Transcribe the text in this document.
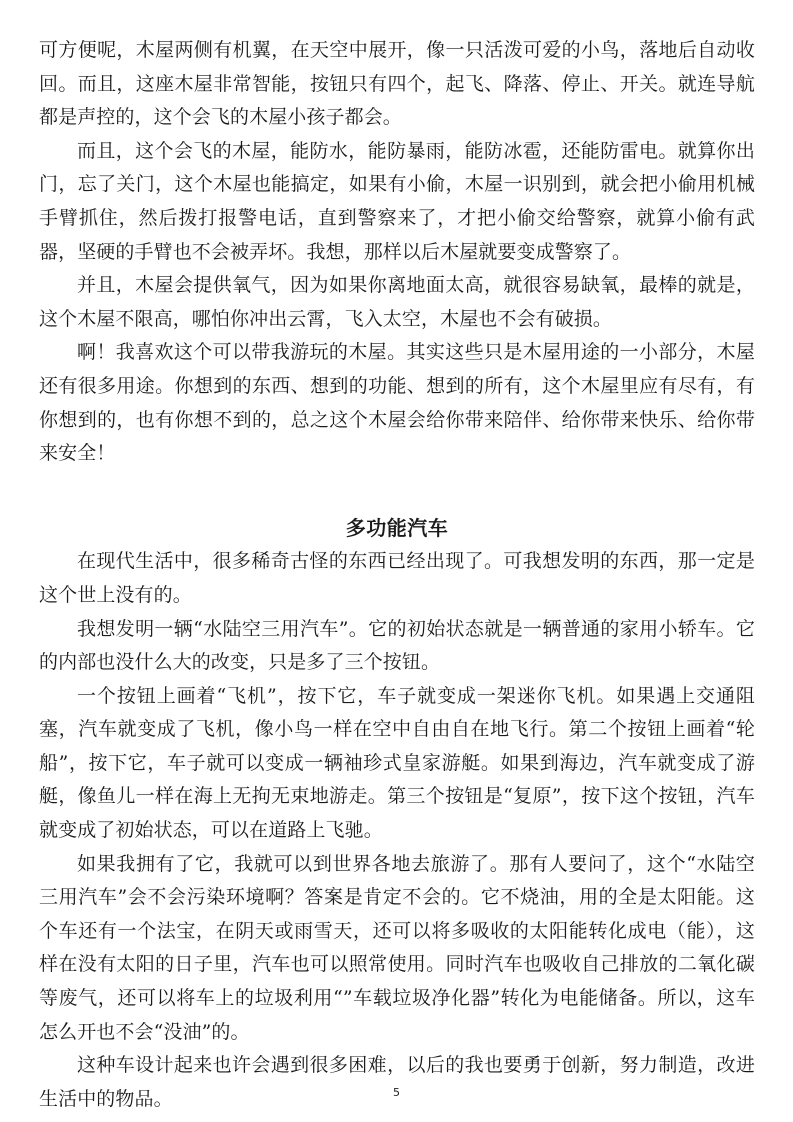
可方便呢，木屋两侧有机翼，在天空中展开，像一只活泼可爱的小鸟，落地后自动收回。而且，这座木屋非常智能，按钮只有四个，起飞、降落、停止、开关。就连导航都是声控的，这个会飞的木屋小孩子都会。

而且，这个会飞的木屋，能防水，能防暴雨，能防冰雹，还能防雷电。就算你出门，忘了关门，这个木屋也能搞定，如果有小偷，木屋一识别到，就会把小偷用机械手臂抓住，然后拨打报警电话，直到警察来了，才把小偷交给警察，就算小偷有武器，坚硬的手臂也不会被弄坏。我想，那样以后木屋就要变成警察了。

并且，木屋会提供氧气，因为如果你离地面太高，就很容易缺氧，最棒的就是，这个木屋不限高，哪怕你冲出云霄，飞入太空，木屋也不会有破损。

啊！我喜欢这个可以带我游玩的木屋。其实这些只是木屋用途的一小部分，木屋还有很多用途。你想到的东西、想到的功能、想到的所有，这个木屋里应有尽有，有你想到的，也有你想不到的，总之这个木屋会给你带来陪伴、给你带来快乐、给你带来安全！

多功能汽车

在现代生活中，很多稀奇古怪的东西已经出现了。可我想发明的东西，那一定是这个世上没有的。

我想发明一辆“水陆空三用汽车”。它的初始状态就是一辆普通的家用小轿车。它的内部也没什么大的改变，只是多了三个按钮。

一个按钮上画着“飞机”，按下它，车子就变成一架迷你飞机。如果遇上交通阻塞，汽车就变成了飞机，像小鸟一样在空中自由自在地飞行。第二个按钮上画着“轮船”，按下它，车子就可以变成一辆袖珍式皇家游艇。如果到海边，汽车就变成了游艇，像鱼儿一样在海上无拘无束地游走。第三个按钮是“复原”，按下这个按钮，汽车就变成了初始状态，可以在道路上飞驰。

如果我拥有了它，我就可以到世界各地去旅游了。那有人要问了，这个“水陆空三用汽车”会不会污染环境啊？答案是肯定不会的。它不烧油，用的全是太阳能。这个车还有一个法宝，在阴天或雨雪天，还可以将多吸收的太阳能转化成电（能），这样在没有太阳的日子里，汽车也可以照常使用。同时汽车也吸收自己排放的二氧化碳等废气，还可以将车上的垃圾利用“”车载垃圾净化器”转化为电能储备。所以，这车怎么开也不会“没油”的。

这种车设计起来也许会遇到很多困难，以后的我也要勇于创新，努力制造，改进生活中的物品。	5
